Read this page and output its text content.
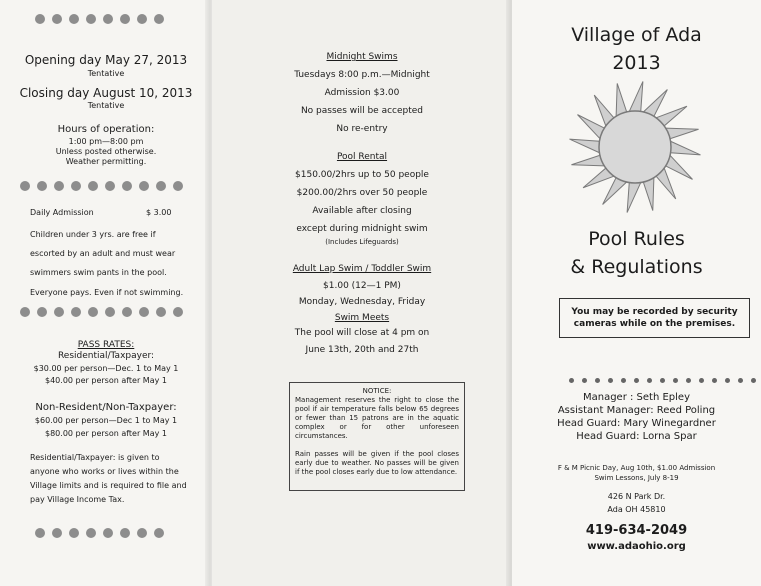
Opening day May 27, 2013
Tentative
Closing day August 10, 2013
Tentative
Hours of operation:
1:00 pm—8:00 pm
Unless posted otherwise.
Weather permitting.
Daily Admission	$ 3.00
Children under 3 yrs. are free if
escorted by an adult and must wear
swimmers swim pants in the pool.
Everyone pays. Even if not swimming.
PASS RATES:
Residential/Taxpayer:
$30.00 per person—Dec. 1 to May 1
$40.00 per person after May 1
Non-Resident/Non-Taxpayer:
$60.00 per person—Dec 1 to May 1
$80.00 per person after May 1
Residential/Taxpayer: is given to
anyone who works or lives within the
Village limits and is required to file and
pay Village Income Tax.
Midnight Swims
Tuesdays 8:00 p.m.—Midnight
Admission $3.00
No passes will be accepted
No re-entry
Pool Rental
$150.00/2hrs up to 50 people
$200.00/2hrs over 50 people
Available after closing
except during midnight swim
(Includes Lifeguards)
Adult Lap Swim / Toddler Swim
$1.00 (12—1 PM)
Monday, Wednesday, Friday
Swim Meets
The pool will close at 4 pm on
June 13th, 20th and 27th
NOTICE:

Management reserves the right to close the pool if air temperature falls below 65 degrees or fewer than 15 patrons are in the aquatic complex or for other unforeseen circumstances.

Rain passes will be given if the pool closes early due to weather. No passes will be given if the pool closes early due to low attendance.

Village of Ada
2013
Pool Rules
& Regulations
You may be recorded by security cameras while on the premises.
Manager : Seth Epley
Assistant Manager: Reed Poling
Head Guard: Mary Winegardner
Head Guard: Lorna Spar
F & M Picnic Day, Aug 10th, $1.00 Admission
Swim Lessons, July 8-19
426 N Park Dr.
Ada OH 45810
419-634-2049
www.adaohio.org
